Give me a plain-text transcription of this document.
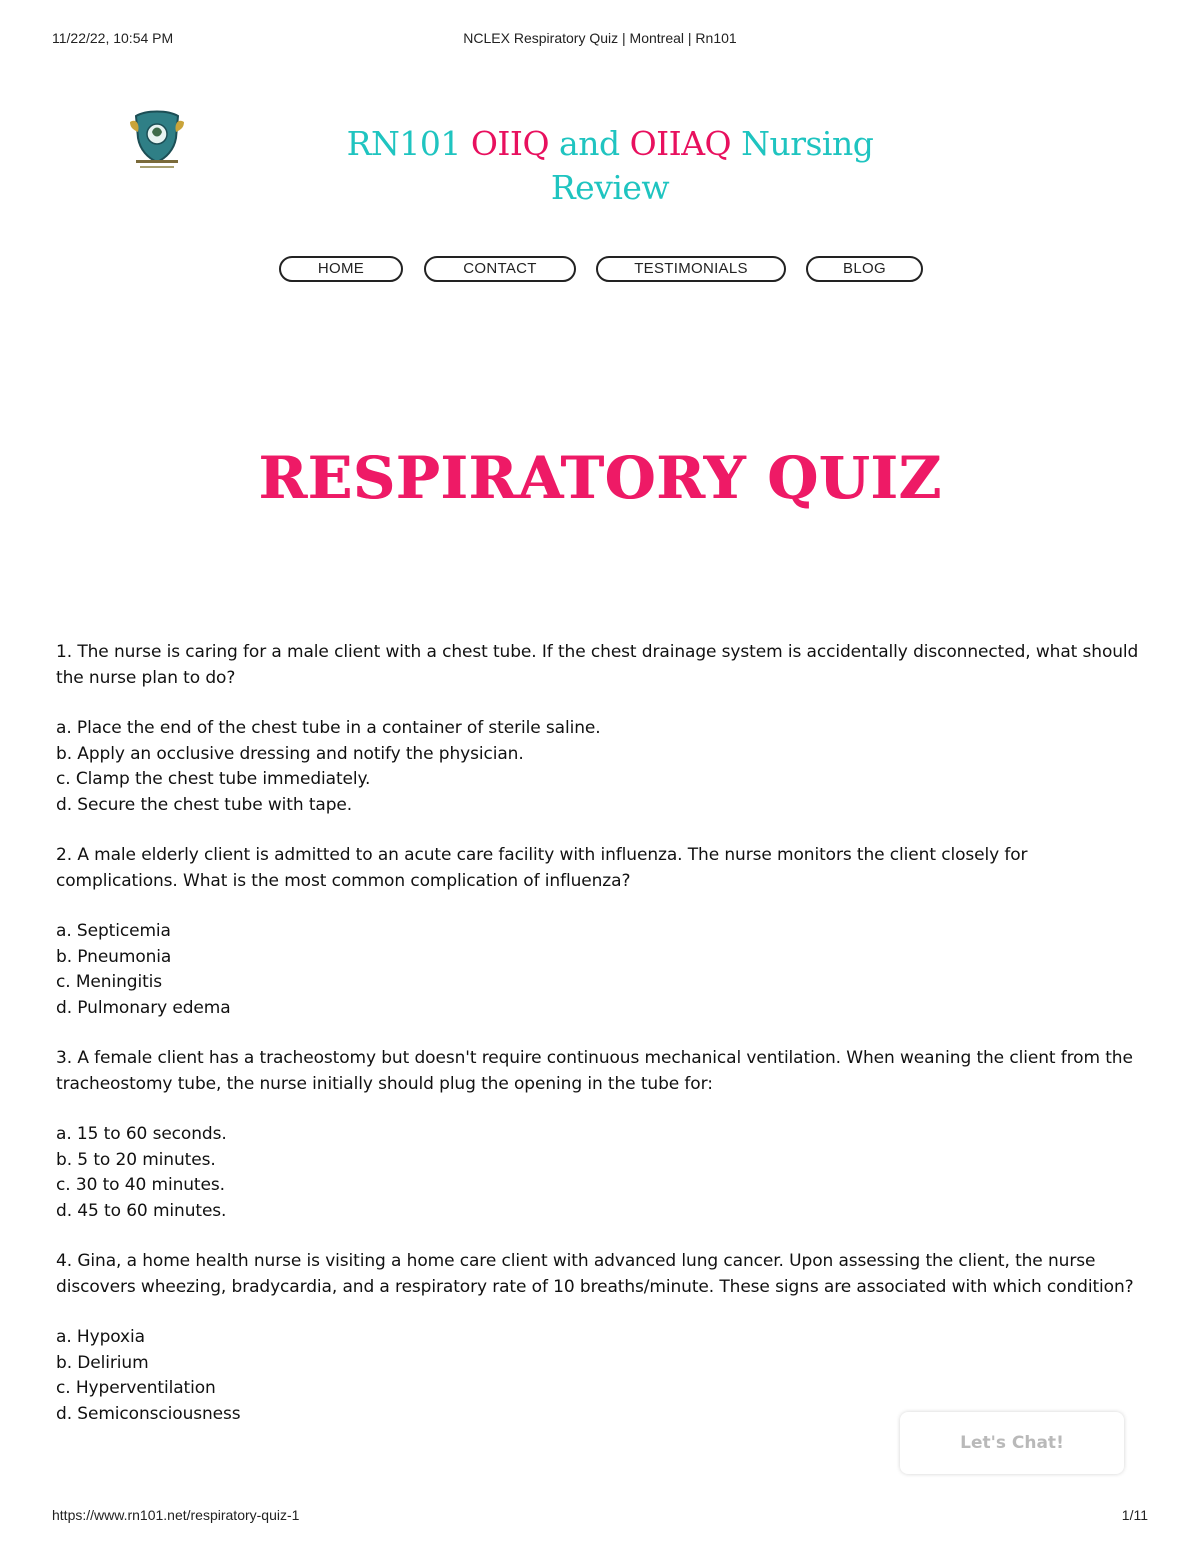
11/22/22, 10:54 PM	NCLEX Respiratory Quiz | Montreal | Rn101
RN101 OIIQ and OIIAQ Nursing Review
HOME	CONTACT	TESTIMONIALS	BLOG
RESPIRATORY QUIZ

1. The nurse is caring for a male client with a chest tube. If the chest drainage system is accidentally disconnected, what should the nurse plan to do?

a. Place the end of the chest tube in a container of sterile saline.
b. Apply an occlusive dressing and notify the physician.
c. Clamp the chest tube immediately.
d. Secure the chest tube with tape.

2. A male elderly client is admitted to an acute care facility with influenza. The nurse monitors the client closely for complications. What is the most common complication of influenza?

a. Septicemia
b. Pneumonia
c. Meningitis
d. Pulmonary edema

3. A female client has a tracheostomy but doesn't require continuous mechanical ventilation. When weaning the client from the tracheostomy tube, the nurse initially should plug the opening in the tube for:

a. 15 to 60 seconds.
b. 5 to 20 minutes.
c. 30 to 40 minutes.
d. 45 to 60 minutes.

4. Gina, a home health nurse is visiting a home care client with advanced lung cancer. Upon assessing the client, the nurse discovers wheezing, bradycardia, and a respiratory rate of 10 breaths/minute. These signs are associated with which condition?

a. Hypoxia
b. Delirium
c. Hyperventilation
d. Semiconsciousness
Let's Chat!
https://www.rn101.net/respiratory-quiz-1	1/11
